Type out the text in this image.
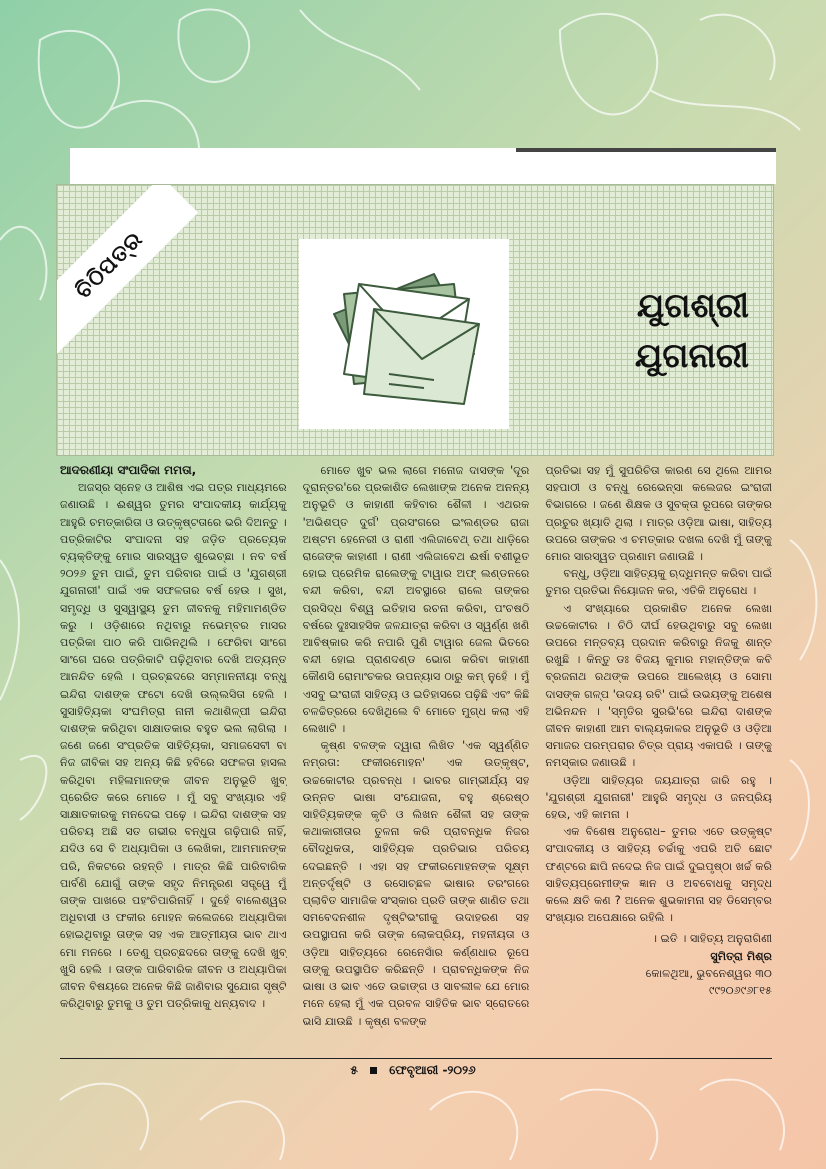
ଚିଠିପତ୍ର
ଯୁଗଶ୍ରୀ
ଯୁଗନାରୀ

ଆଦରଣୀୟା ସଂପାଦିକା ମମତା,

ଅଜସ୍ର ସ୍ନେହ ଓ ଆଶିଷ ଏଇ ପତ୍ର ମାଧ୍ୟମରେ ଜଣାଉଛି । ଈଶ୍ୱର ତୁମର ସଂପାଦକୀୟ କାର୍ଯ୍ୟକୁ ଆହୁରି ଚମତ୍କାରିତା ଓ ଉତ୍କୃଷ୍ଟତାରେ ଭରି ଦିଅନ୍ତୁ । ପତ୍ରିକାଟିର ସଂପାଦନା ସହ ଜଡ଼ିତ ପ୍ରତ୍ୟେକ ବ୍ୟକ୍ତିଙ୍କୁ ମୋର ସାରସ୍ୱତ ଶୁଭେଚ୍ଛା । ନବ ବର୍ଷ ୨୦୨୬ ତୁମ ପାଇଁ, ତୁମ ପରିବାର ପାଇଁ ଓ 'ଯୁଗଶ୍ରୀ ଯୁଗନାରୀ' ପାଇଁ ଏକ ସଫଳତାର ବର୍ଷ ହେଉ । ସୁଖ, ସମୃଦ୍ଧି ଓ ସୁସ୍ୱାସ୍ଥ୍ୟ ତୁମ ଜୀବନକୁ ମହିମାମଣ୍ଡିତ କରୁ । ଓଡ଼ିଶାରେ ନଥିବାରୁ ନଭେମ୍ବର ମାସର ପତ୍ରିକା ପାଠ କରି ପାରିନଥିଲି । ଫେରିବା ସାଂଗେ ସାଂଗେ ଘରେ ପତ୍ରିକାଟି ପଢ଼ିଥିବାର ଦେଖି ଅତ୍ୟନ୍ତ ଆନନ୍ଦିତ ହେଲି । ପ୍ରଚ୍ଛଦରେ ସମ୍ମାନନୀୟା ବନ୍ଧୁ ଇନ୍ଦିରା ଦାଶଙ୍କ ଫଟୋ ଦେଖି ଉଲ୍ଲସିତା ହେଲି । ସୁସାହିତ୍ୟିକା ସଂଘମିତ୍ରା ନାନୀ କଥାଶିଳ୍ପୀ ଇନ୍ଦିରା ଦାଶଙ୍କ କରିଥିବା ସାକ୍ଷାତକାର ବହୁତ ଭଲ ଲାଗିଲା । ଜଣେ ଜଣେ ସଂପ୍ରତିକ ସାହିତ୍ୟିକା, ସମାଜସେବୀ ବା ନିଜ ଜୀବିକା ସହ ଅନ୍ୟ କିଛି ହବିରେ ସଫଳତା ହାସଲ କରିଥିବା ମହିଳାମାନଙ୍କ ଜୀବନ ଅନୁଭୂତି ଖୁବ୍ ପ୍ରେରିତ କରେ ମୋତେ । ମୁଁ ସବୁ ସଂଖ୍ୟାର ଏହି ସାକ୍ଷାତକାରକୁ ମନଦେଇ ପଢ଼େ । ଇନ୍ଦିରା ଦାଶଙ୍କ ସହ ପରିଚୟ ଅଛି ସତ ଗଭୀର ବନ୍ଧୁତା ଗଢ଼ିପାରି ନାହିଁ, ଯଦିଓ ସେ ବି ଅଧ୍ୟାପିକା ଓ ଲେଖିକା, ଆମମାନଙ୍କ ପରି, ନିକଟରେ ରହନ୍ତି । ମାତ୍ର କିଛି ପାରିବାରିକ ପାର୍ବଣି ଯୋଗୁଁ ତାଙ୍କ ସହୃଦ ନିମନ୍ତ୍ରଣ ସତ୍ତ୍ୱେ ମୁଁ ତାଙ୍କ ପାଖରେ ପହଂଚିପାରିନାହିଁ । ଦୁହେଁ ବାଲେଶ୍ୱର ଅଧିବାସୀ ଓ ଫକୀର ମୋହନ କଲେଜରେ ଅଧ୍ୟାପିକା ହୋଇଥିବାରୁ ତାଙ୍କ ସହ ଏକ ଆତ୍ମୀୟତା ଭାବ ଥାଏ ମୋ ମନରେ । ତେଣୁ ପ୍ରଚ୍ଛଦରେ ତାଙ୍କୁ ଦେଖି ଖୁବ୍ ଖୁସି ହେଲି । ତାଙ୍କ ପାରିବାରିକ ଜୀବନ ଓ ଅଧ୍ୟାପିକା ଜୀବନ ବିଷୟରେ ଅନେକ କିଛି ଜାଣିବାର ସୁଯୋଗ ସୃଷ୍ଟି କରିଥିବାରୁ ତୁମକୁ ଓ ତୁମ ପତ୍ରିକାକୁ ଧନ୍ୟବାଦ ।

ମୋତେ ଖୁବ ଭଲ ଲାଗେ ମନୋଜ ଦାସଙ୍କ 'ଦୂର ଦୂରାନ୍ତର'ରେ ପ୍ରକାଶିତ ଲେଖାଙ୍କ ଅନେକ ଅନନ୍ୟ ଅନୁଭୂତି ଓ କାହାଣୀ କହିବାର ଶୈଳୀ । ଏଥରକ 'ଅଭିଶପ୍ତ ଦୁର୍ଗ' ପ୍ରସଂଗରେ ଇଂଲଣ୍ଡର ରାଜା ଅଷ୍ଟମ ହେନେରୀ ଓ ରାଣୀ ଏଲିଜାବେଥ୍ ତଥା ଧାଡ଼ିରେ ରାଜେଙ୍କ କାହାଣୀ । ରାଣୀ ଏଲିଜାବେଥ ଈର୍ଷା ବଶୀଭୂତ ହୋଇ ପ୍ରେମିକ ରାଲେଙ୍କୁ ଟାୱାର ଅଫ୍ ଲଣ୍ଡନରେ ବନ୍ଦୀ କରିବା, ବନ୍ଦୀ ଅବସ୍ଥାରେ ରାଲେ ତାଙ୍କର ପ୍ରସିଦ୍ଧ ବିଶ୍ୱ ଇତିହାସ ରଚନା କରିବା, ପଂଚଷଠି ବର୍ଷରେ ଦୁଃସାହସିକ ଜଳଯାତ୍ରା କରିବା ଓ ସ୍ୱର୍ଣ୍ଣ ଖଣି ଆବିଷ୍କାର କରି ନପାରି ପୁଣି ଟାୱାର ଜେଲ ଭିତରେ ବନ୍ଦୀ ହୋଇ ପ୍ରାଣଦଣ୍ଡ ଭୋଗ କରିବା କାହାଣୀ କୌଣସି ରୋମାଂଚକର ଉପନ୍ୟାସ ଠାରୁ କମ୍ ନୁହେଁ । ମୁଁ ଏସବୁ ଇଂରାଜୀ ସାହିତ୍ୟ ଓ ଇତିହାସରେ ପଢ଼ିଛି ଏବଂ କିଛି ଚଳଚ୍ଚିତ୍ରରେ ଦେଖିଥିଲେ ବି ମୋତେ ମୁଗ୍ଧ କଲା ଏହି ଲେଖାଟି ।

କୃଷ୍ଣ ବଳଙ୍କ ଦ୍ୱାରା ଲିଖିତ 'ଏକ ସ୍ୱର୍ଣ୍ଣିତ ନମ୍ରତା: ଫକୀରମୋହନ' ଏକ ଉତ୍କୃଷ୍ଟ, ଉଚ୍ଚକୋଟୀର ପ୍ରବନ୍ଧ । ଭାବର ଗାମ୍ଭୀର୍ଯ୍ୟ ସହ ଉନ୍ନତ ଭାଷା ସଂଯୋଜନା, ବହୁ ଶ୍ରେଷ୍ଠ ସାହିତ୍ୟିକଙ୍କ କୃତି ଓ ଲିଖନ ଶୈଳୀ ସହ ତାଙ୍କ କଥାକାରୀତାର ତୁଳନା କରି ପ୍ରାବନ୍ଧିକ ନିଜର ବୌଦ୍ଧିକତା, ସାହିତ୍ୟିକ ପ୍ରତିଭାର ପରିଚୟ ଦେଇଛନ୍ତି । ଏହା ସହ ଫକୀରମୋହନଙ୍କ ସୂକ୍ଷ୍ମ ଅନ୍ତର୍ଦୃଷ୍ଟି ଓ ରସୋଚ୍ଛଳ ଭାଷାର ତରଂଗରେ ପ୍ଲାବିତ ସାମାଜିକ ସଂସ୍କାର ପ୍ରତି ତାଙ୍କ ଶାଣିତ ତଥା ସମବେଦନଶୀଳ ଦୃଷ୍ଟିଭଂଗୀକୁ ଉଦାହରଣ ସହ ଉପସ୍ଥାପନା କରି ତାଙ୍କ ଲୋକପ୍ରିୟ, ମହନୀୟତା ଓ ଓଡ଼ିଆ ସାହିତ୍ୟରେ ରେନେସାଁର କର୍ଣ୍ଣଧାର ରୂପେ ତାଙ୍କୁ ଉପସ୍ଥାପିତ କରିଛନ୍ତି । ପ୍ରାବନ୍ଧିକଙ୍କ ନିଜ ଭାଷା ଓ ଭାବ ଏତେ ଉଚ୍ଚାଙ୍ଗ ଓ ସାବଲୀଳ ଯେ ମୋର ମନେ ହେଲା ମୁଁ ଏକ ପ୍ରବଳ ସାହିତିକ ଭାବ ସ୍ରୋତରେ ଭାସି ଯାଉଛି । କୃଷ୍ଣ ବଳଙ୍କ

ପ୍ରତିଭା ସହ ମୁଁ ସୁପରିଚିତା କାରଣ ସେ ଥିଲେ ଆମର ସହପାଠୀ ଓ ବନ୍ଧୁ ରେଭେନ୍ସା କଲେଜର ଇଂରାଜୀ ବିଭାଗରେ । ଜଣେ ଶିକ୍ଷକ ଓ ସୁବକ୍ତା ରୂପରେ ତାଙ୍କର ପ୍ରଚୁର ଖ୍ୟାତି ଥିଲା । ମାତ୍ର ଓଡ଼ିଆ ଭାଷା, ସାହିତ୍ୟ ଉପରେ ତାଙ୍କର ଏ ଚମତ୍କାର ଦଖଲ ଦେଖି ମୁଁ ତାଙ୍କୁ ମୋର ସାରସ୍ୱତ ପ୍ରଣାମ ଜଣାଉଛି ।

ବନ୍ଧୁ, ଓଡ଼ିଆ ସାହିତ୍ୟକୁ ଋଦ୍ଧିମନ୍ତ କରିବା ପାଇଁ ତୁମର ପ୍ରତିଭା ନିୟୋଜନ କର, ଏତିକି ଅନୁରୋଧ ।

ଏ ସଂଖ୍ୟାରେ ପ୍ରକାଶିତ ଅନେକ ଲେଖା ଉଚ୍ଚକୋଟୀର । ଚିଠି ଦୀର୍ଘ ହେଉଥିବାରୁ ସବୁ ଲେଖା ଉପରେ ମନ୍ତବ୍ୟ ପ୍ରଦାନ କରିବାରୁ ନିଜକୁ ଶାନ୍ତ ରଖୁଛି । କିନ୍ତୁ ଡଃ ବିଜୟ କୁମାର ମହାନ୍ତିଙ୍କ କବି ବ୍ରଜନାଥ ରଥଙ୍କ ଉପରେ ଆଲେଖ୍ୟ ଓ ସୋମା ଦାସଙ୍କ ଗଳ୍ପ 'ଉଦୟ ରବି' ପାଇଁ ଉଭୟଙ୍କୁ ଅଶେଷ ଅଭିନନ୍ଦନ । 'ସ୍ମୃତିର ସୁରଭି'ରେ ଇନ୍ଦିରା ଦାଶଙ୍କ ଜୀବନ କାହାଣୀ ଆମ ବାଲ୍ୟକାଳର ଅନୁଭୂତି ଓ ଓଡ଼ିଆ ସମାଜର ପରମ୍ପରାର ଚିତ୍ର ପ୍ରାୟ ଏକାପରି । ତାଙ୍କୁ ନମସ୍କାର ଜଣାଉଛି ।

ଓଡ଼ିଆ ସାହିତ୍ୟର ଜୟଯାତ୍ରା ଜାରି ରହୁ । 'ଯୁଗଶ୍ରୀ ଯୁଗନାରୀ' ଆହୁରି ସମୃଦ୍ଧ ଓ ଜନପ୍ରିୟ ହେଉ, ଏହି କାମନା ।

ଏକ ବିଶେଷ ଅନୁରୋଧ– ତୁମର ଏତେ ଉତ୍କୃଷ୍ଟ ସଂପାଦକୀୟ ଓ ସାହିତ୍ୟ ଚର୍ଚ୍ଚାକୁ ଏପରି ଅତି ଛୋଟ ଫଣ୍ଟରେ ଛାପି ନଦେଇ ନିଜ ପାଇଁ ଦୁଇପୃଷ୍ଠା ଖର୍ଚ୍ଚ କରି ସାହିତ୍ୟପ୍ରେମୀଙ୍କ ଜ୍ଞାନ ଓ ଅବବୋଧକୁ ସମୃଦ୍ଧ କଲେ କ୍ଷତି କଣ ? ଅନେକ ଶୁଭକାମନା ସହ ଡିସେମ୍ବର ସଂଖ୍ୟାର ଅପେକ୍ଷାରେ ରହିଲି ।

। ଇତି । ସାହିତ୍ୟ ଅନୁରାଗିଣୀ
ସୁମିତ୍ରା ମିଶ୍ର
କୋଳଥିଆ, ଭୁବନେଶ୍ୱର ୩୦
୯୯୨୦୬୯୬୮୧୫
୫	ଫେବୃଆରୀ -୨୦୨୬
